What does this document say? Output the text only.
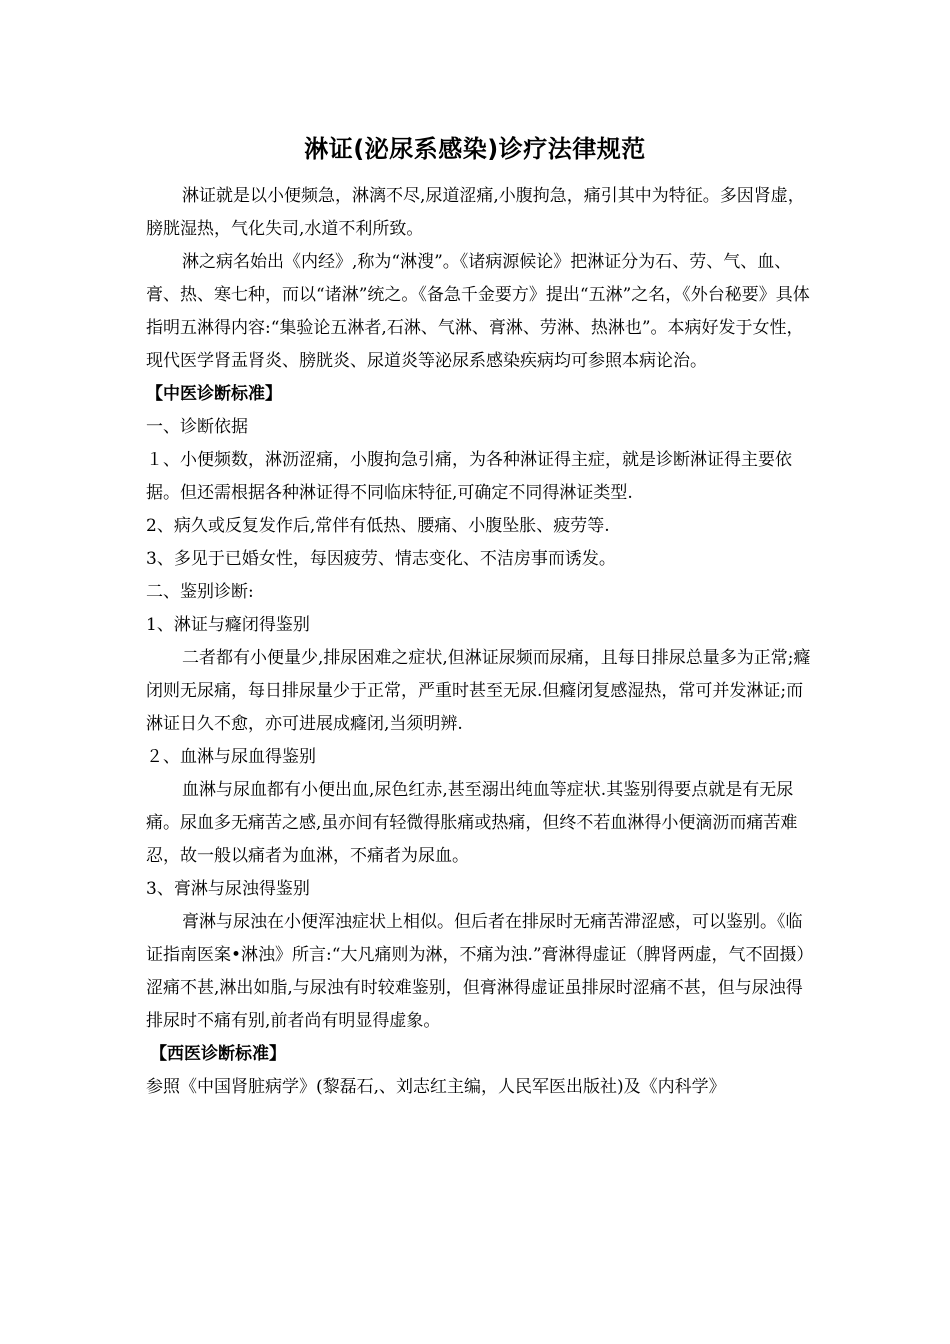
淋证(泌尿系感染)诊疗法律规范

淋证就是以小便频急，淋漓不尽,尿道涩痛,小腹拘急，痛引其中为特征。多因肾虚，膀胱湿热，气化失司,水道不利所致。

淋之病名始出《内经》,称为“淋溲”。《诸病源候论》把淋证分为石、劳、气、血、膏、热、寒七种，而以“诸淋”统之。《备急千金要方》提出“五淋”之名，《外台秘要》具体指明五淋得内容:“集验论五淋者,石淋、气淋、膏淋、劳淋、热淋也”。本病好发于女性，现代医学肾盂肾炎、膀胱炎、尿道炎等泌尿系感染疾病均可参照本病论治。

【中医诊断标准】

一、诊断依据

１、小便频数，淋沥涩痛，小腹拘急引痛，为各种淋证得主症，就是诊断淋证得主要依据。但还需根据各种淋证得不同临床特征,可确定不同得淋证类型.

2、病久或反复发作后,常伴有低热、腰痛、小腹坠胀、疲劳等.

3、多见于已婚女性，每因疲劳、情志变化、不洁房事而诱发。

二、鉴别诊断:

1、淋证与癃闭得鉴别

二者都有小便量少,排尿困难之症状,但淋证尿频而尿痛，且每日排尿总量多为正常;癃闭则无尿痛，每日排尿量少于正常，严重时甚至无尿.但癃闭复感湿热，常可并发淋证;而淋证日久不愈，亦可进展成癃闭,当须明辨.

２、血淋与尿血得鉴别

血淋与尿血都有小便出血,尿色红赤,甚至溺出纯血等症状.其鉴别得要点就是有无尿痛。尿血多无痛苦之感,虽亦间有轻微得胀痛或热痛，但终不若血淋得小便滴沥而痛苦难忍，故一般以痛者为血淋，不痛者为尿血。

3、膏淋与尿浊得鉴别

膏淋与尿浊在小便浑浊症状上相似。但后者在排尿时无痛苦滞涩感，可以鉴别。《临证指南医案•淋浊》所言:“大凡痛则为淋，不痛为浊.”膏淋得虚证（脾肾两虚，气不固摄）涩痛不甚,淋出如脂,与尿浊有时较难鉴别，但膏淋得虚证虽排尿时涩痛不甚，但与尿浊得排尿时不痛有别,前者尚有明显得虚象。

【西医诊断标准】

参照《中国肾脏病学》(黎磊石,、刘志红主编，人民军医出版社)及《内科学》
